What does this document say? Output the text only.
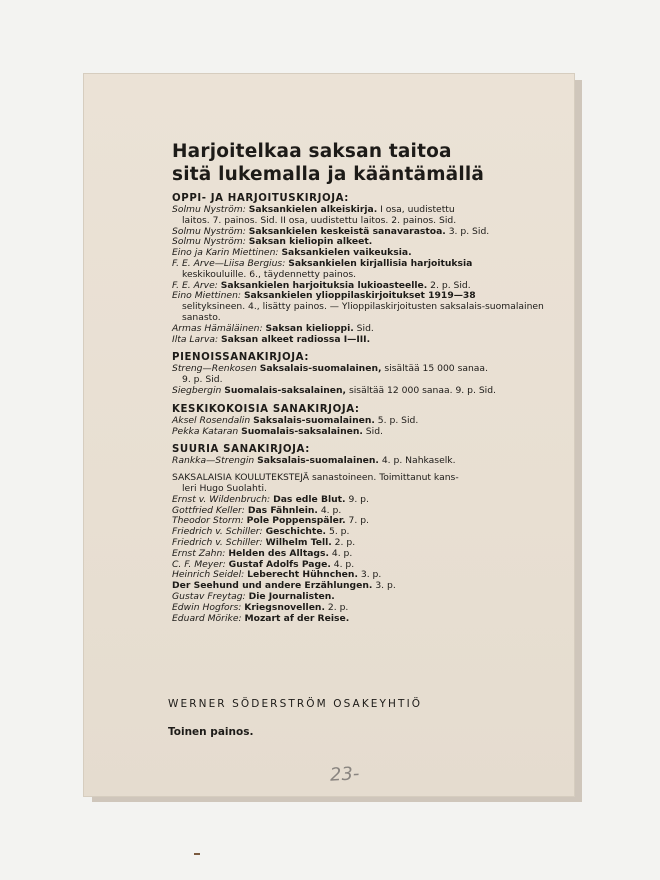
Harjoitelkaa saksan taitoa

sitä lukemalla ja kääntämällä

OPPI- JA HARJOITUSKIRJOJA:
Solmu Nyström: Saksankielen alkeiskirja. I osa, uudistettu
laitos. 7. painos. Sid. II osa, uudistettu laitos. 2. painos. Sid.
Solmu Nyström: Saksankielen keskeistä sanavarastoa. 3. p. Sid.
Solmu Nyström: Saksan kieliopin alkeet.
Eino ja Karin Miettinen: Saksankielen vaikeuksia.
F. E. Arve—Liisa Bergius: Saksankielen kirjallisia harjoituksia
keskikouluille. 6., täydennetty painos.
F. E. Arve: Saksankielen harjoituksia lukioasteelle. 2. p. Sid.
Eino Miettinen: Saksankielen ylioppilaskirjoitukset 1919—38
selityksineen. 4., lisätty painos. — Ylioppilaskirjoitusten saksalais-suomalainen sanasto.
Armas Hämäläinen: Saksan kielioppi. Sid.
Ilta Larva: Saksan alkeet radiossa I—III.
PIENOISSANAKIRJOJA:
Streng—Renkosen Saksalais-suomalainen, sisältää 15 000 sanaa.
9. p. Sid.
Siegbergin Suomalais-saksalainen, sisältää 12 000 sanaa. 9. p. Sid.
KESKIKOKOISIA SANAKIRJOJA:
Aksel Rosendalin Saksalais-suomalainen. 5. p. Sid.
Pekka Kataran Suomalais-saksalainen. Sid.
SUURIA SANAKIRJOJA:
Rankka—Strengin Saksalais-suomalainen. 4. p. Nahkaselk.
SAKSALAISIA KOULUTEKSTEJÄ sanastoineen. Toimittanut kans-
leri Hugo Suolahti.
Ernst v. Wildenbruch: Das edle Blut. 9. p.
Gottfried Keller: Das Fähnlein. 4. p.
Theodor Storm: Pole Poppenspäler. 7. p.
Friedrich v. Schiller: Geschichte. 5. p.
Friedrich v. Schiller: Wilhelm Tell. 2. p.
Ernst Zahn: Helden des Alltags. 4. p.
C. F. Meyer: Gustaf Adolfs Page. 4. p.
Heinrich Seidel: Leberecht Hühnchen. 3. p.
Der Seehund und andere Erzählungen. 3. p.
Gustav Freytag: Die Journalisten.
Edwin Hogfors: Kriegsnovellen. 2. p.
Eduard Mörike: Mozart af der Reise.
WERNER SÖDERSTRÖM OSAKEYHTIÖ
Toinen painos.
23-
